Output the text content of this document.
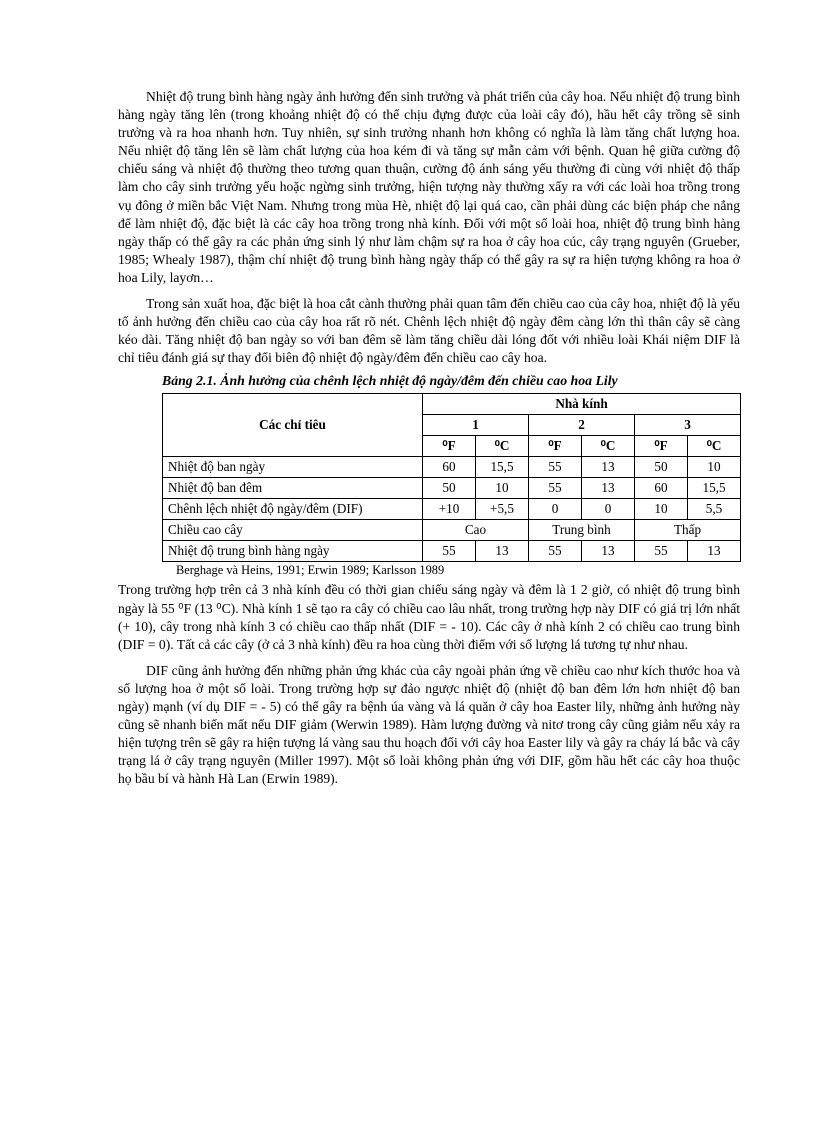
Nhiệt độ trung bình hàng ngày ảnh hưởng đến sinh trưởng và phát triển của cây hoa. Nếu nhiệt độ trung bình hàng ngày tăng lên (trong khoảng nhiệt độ có thể chịu đựng được của loài cây đó), hầu hết cây trồng sẽ sinh trưởng và ra hoa nhanh hơn. Tuy nhiên, sự sinh trưởng nhanh hơn không có nghĩa là làm tăng chất lượng hoa. Nếu nhiệt độ tăng lên sẽ làm chất lượng của hoa kém đi và tăng sự mẫn cảm với bệnh. Quan hệ giữa cường độ chiếu sáng và nhiệt độ thường theo tương quan thuận, cường độ ánh sáng yếu thường đi cùng với nhiệt độ thấp làm cho cây sinh trưởng yếu hoặc ngừng sinh trưởng, hiện tượng này thường xẩy ra với các loài hoa trồng trong vụ đông ở miền bắc Việt Nam. Nhưng trong mùa Hè, nhiệt độ lại quá cao, cần phải dùng các biện pháp che nắng để làm nhiệt độ, đặc biệt là các cây hoa trồng trong nhà kính. Đối với một số loài hoa, nhiệt độ trung bình hàng ngày thấp có thể gây ra các phản ứng sinh lý như làm chậm sự ra hoa ở cây hoa cúc, cây trạng nguyên (Grueber, 1985; Whealy 1987), thậm chí nhiệt độ trung bình hàng ngày thấp có thể gây ra sự ra hiện tượng không ra hoa ở hoa Lily, layơn…

Trong sản xuất hoa, đặc biệt là hoa cắt cành thường phải quan tâm đến chiều cao của cây hoa, nhiệt độ là yếu tố ảnh hưởng đến chiều cao của cây hoa rất rõ nét. Chênh lệch nhiệt độ ngày đêm càng lớn thì thân cây sẽ càng kéo dài. Tăng nhiệt độ ban ngày so với ban đêm sẽ làm tăng chiều dài lóng đốt với nhiều loài Khái niệm DIF là chỉ tiêu đánh giá sự thay đổi biên độ nhiệt độ ngày/đêm đến chiều cao cây hoa.

Bảng 2.1. Ảnh hưởng của chênh lệch nhiệt độ ngày/đêm đến chiều cao hoa Lily

Các chỉ tiêu	Nhà kính					
	1		2		3	
	⁰F	⁰C	⁰F	⁰C	⁰F	⁰C
Nhiệt độ ban ngày	60	15,5	55	13	50	10
Nhiệt độ ban đêm	50	10	55	13	60	15,5
Chênh lệch nhiệt độ ngày/đêm (DIF)	+10	+5,5	0	0	10	5,5
Chiều cao cây	Cao		Trung bình		Thấp	
Nhiệt độ trung bình hàng ngày	55	13	55	13	55	13

Berghage và Heins, 1991; Erwin 1989; Karlsson 1989

Trong trường hợp trên cả 3 nhà kính đều có thời gian chiếu sáng ngày và đêm là 1 2 giờ, có nhiệt độ trung bình ngày là 55 ⁰F (13 ⁰C). Nhà kính 1 sẽ tạo ra cây có chiều cao lâu nhất, trong trường hợp này DIF có giá trị lớn nhất (+ 10), cây trong nhà kính 3 có chiều cao thấp nhất (DIF = - 10). Các cây ở nhà kính 2 có chiều cao trung bình (DIF = 0). Tất cả các cây (ở cả 3 nhà kính) đều ra hoa cùng thời điểm với số lượng lá tương tự như nhau.

DIF cũng ảnh hưởng đến những phản ứng khác của cây ngoài phản ứng về chiều cao như kích thước hoa và số lượng hoa ở một số loài. Trong trường hợp sự đảo ngược nhiệt độ (nhiệt độ ban đêm lớn hơn nhiệt độ ban ngày) mạnh (ví dụ DIF = - 5) có thể gây ra bệnh úa vàng và lá quăn ở cây hoa Easter lily, những ảnh hưởng này cũng sẽ nhanh biến mất nếu DIF giảm (Werwin 1989). Hàm lượng đường và nitơ trong cây cũng giảm nếu xảy ra hiện tượng trên sẽ gây ra hiện tượng lá vàng sau thu hoạch đối với cây hoa Easter lily và gây ra cháy lá bắc và cây trạng lá ở cây trạng nguyên (Miller 1997). Một số loài không phản ứng với DIF, gồm hầu hết các cây hoa thuộc họ bầu bí và hành Hà Lan (Erwin 1989).
